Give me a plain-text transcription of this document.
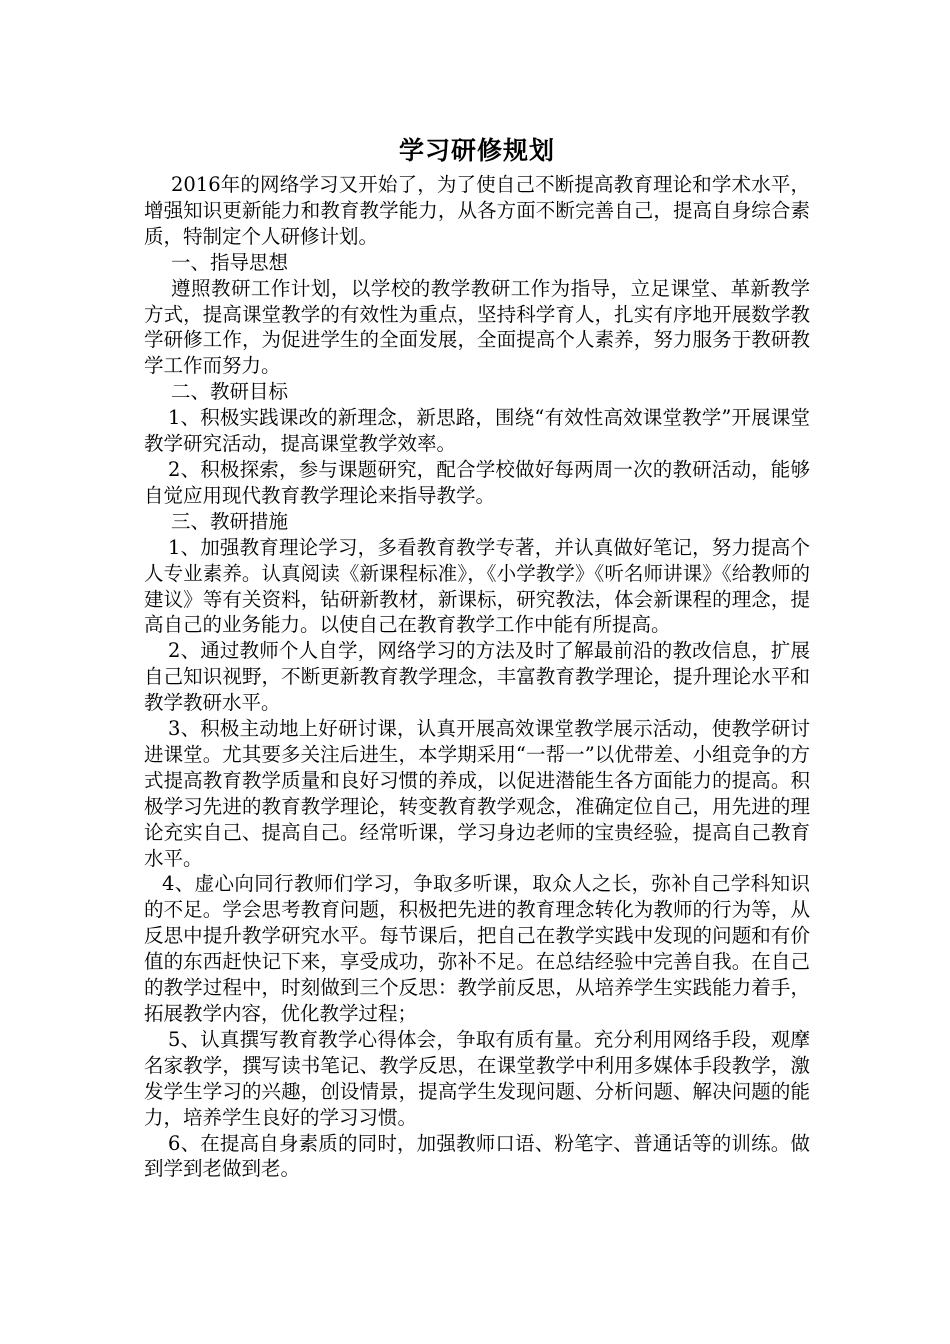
学习研修规划

2016年的网络学习又开始了，为了使自己不断提高教育理论和学术水平，增强知识更新能力和教育教学能力，从各方面不断完善自己，提高自身综合素质，特制定个人研修计划。

一、指导思想

遵照教研工作计划，以学校的教学教研工作为指导，立足课堂、革新教学方式，提高课堂教学的有效性为重点，坚持科学育人，扎实有序地开展数学教学研修工作，为促进学生的全面发展，全面提高个人素养，努力服务于教研教学工作而努力。

二、教研目标

1、积极实践课改的新理念，新思路，围绕“有效性高效课堂教学”开展课堂教学研究活动，提高课堂教学效率。

2、积极探索，参与课题研究，配合学校做好每两周一次的教研活动，能够自觉应用现代教育教学理论来指导教学。

三、教研措施

1、加强教育理论学习，多看教育教学专著，并认真做好笔记，努力提高个人专业素养。认真阅读《新课程标准》，《小学教学》《听名师讲课》《给教师的建议》等有关资料，钻研新教材，新课标，研究教法，体会新课程的理念，提高自己的业务能力。以使自己在教育教学工作中能有所提高。

2、通过教师个人自学，网络学习的方法及时了解最前沿的教改信息，扩展自己知识视野，不断更新教育教学理念，丰富教育教学理论，提升理论水平和教学教研水平。

3、积极主动地上好研讨课，认真开展高效课堂教学展示活动，使教学研讨进课堂。尤其要多关注后进生，本学期采用“一帮一”以优带差、小组竞争的方式提高教育教学质量和良好习惯的养成，以促进潜能生各方面能力的提高。积极学习先进的教育教学理论，转变教育教学观念，准确定位自己，用先进的理论充实自己、提高自己。经常听课，学习身边老师的宝贵经验，提高自己教育水平。

4、虚心向同行教师们学习，争取多听课，取众人之长，弥补自己学科知识的不足。学会思考教育问题，积极把先进的教育理念转化为教师的行为等，从反思中提升教学研究水平。每节课后，把自己在教学实践中发现的问题和有价值的东西赶快记下来，享受成功，弥补不足。在总结经验中完善自我。在自己的教学过程中，时刻做到三个反思：教学前反思，从培养学生实践能力着手，拓展教学内容，优化教学过程；

5、认真撰写教育教学心得体会，争取有质有量。充分利用网络手段，观摩名家教学，撰写读书笔记、教学反思，在课堂教学中利用多媒体手段教学，激发学生学习的兴趣，创设情景，提高学生发现问题、分析问题、解决问题的能力，培养学生良好的学习习惯。

6、在提高自身素质的同时，加强教师口语、粉笔字、普通话等的训练。做到学到老做到老。
